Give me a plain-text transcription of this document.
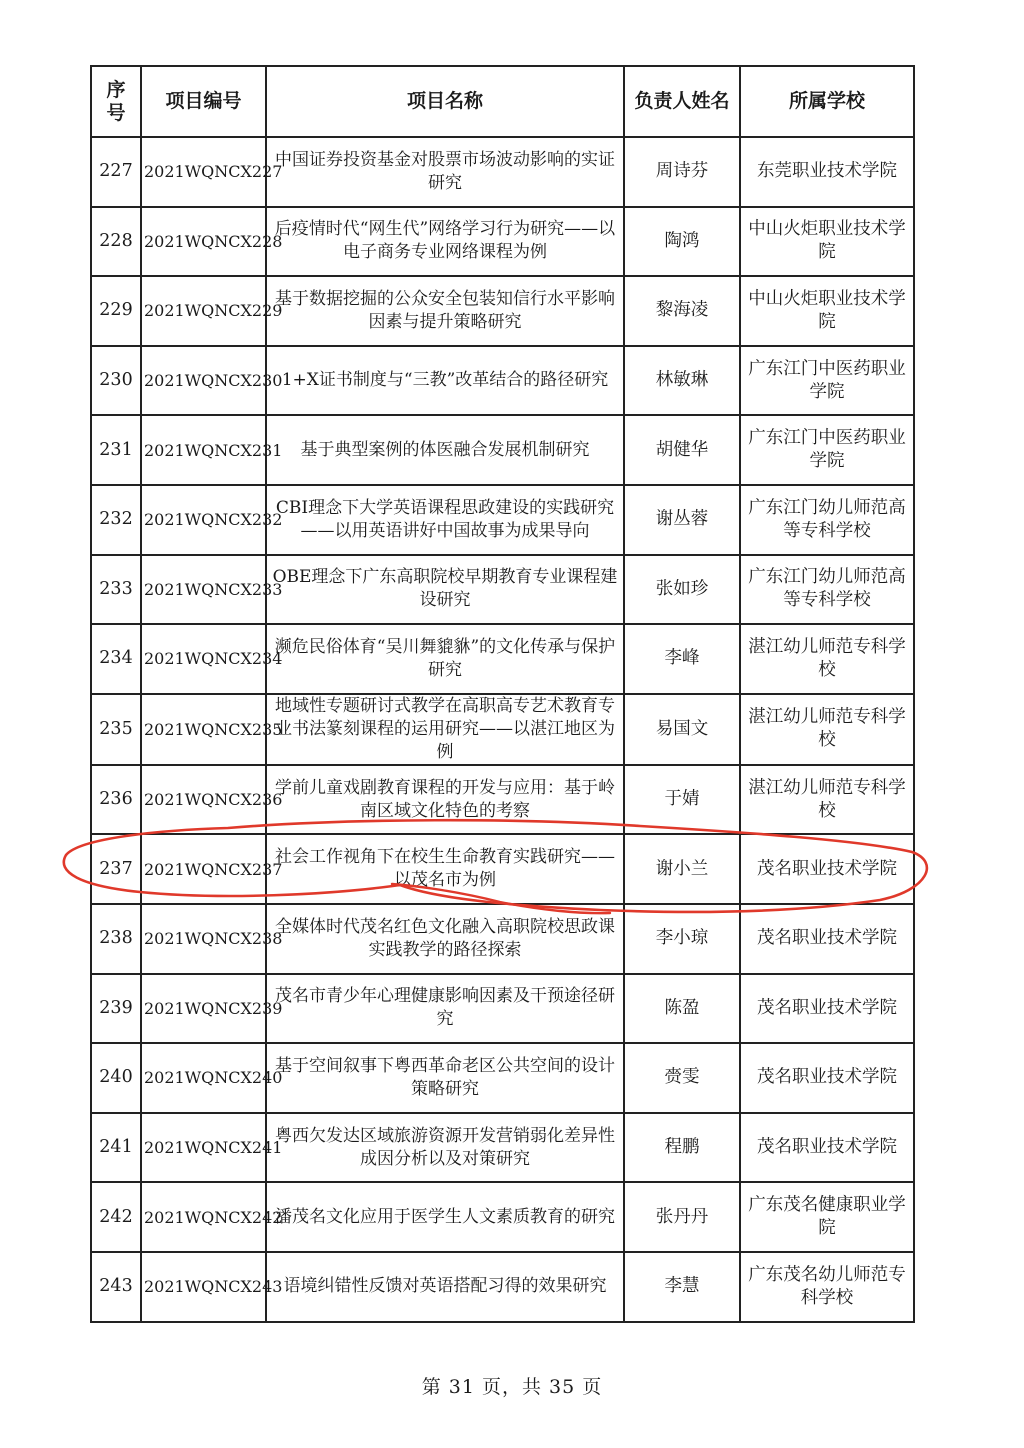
序号	项目编号	项目名称	负责人姓名	所属学校
227	2021WQNCX227	中国证券投资基金对股票市场波动影响的实证研究	周诗芬	东莞职业技术学院
228	2021WQNCX228	后疫情时代“网生代”网络学习行为研究——以电子商务专业网络课程为例	陶鸿	中山火炬职业技术学院
229	2021WQNCX229	基于数据挖掘的公众安全包装知信行水平影响因素与提升策略研究	黎海凌	中山火炬职业技术学院
230	2021WQNCX230	1+X证书制度与“三教”改革结合的路径研究	林敏琳	广东江门中医药职业学院
231	2021WQNCX231	基于典型案例的体医融合发展机制研究	胡健华	广东江门中医药职业学院
232	2021WQNCX232	CBI理念下大学英语课程思政建设的实践研究——以用英语讲好中国故事为成果导向	谢丛蓉	广东江门幼儿师范高等专科学校
233	2021WQNCX233	OBE理念下广东高职院校早期教育专业课程建设研究	张如珍	广东江门幼儿师范高等专科学校
234	2021WQNCX234	濒危民俗体育“吴川舞貔貅”的文化传承与保护研究	李峰	湛江幼儿师范专科学校
235	2021WQNCX235	地域性专题研讨式教学在高职高专艺术教育专业书法篆刻课程的运用研究——以湛江地区为例	易国文	湛江幼儿师范专科学校
236	2021WQNCX236	学前儿童戏剧教育课程的开发与应用：基于岭南区域文化特色的考察	于婧	湛江幼儿师范专科学校
237	2021WQNCX237	社会工作视角下在校生生命教育实践研究——以茂名市为例	谢小兰	茂名职业技术学院
238	2021WQNCX238	全媒体时代茂名红色文化融入高职院校思政课实践教学的路径探索	李小琼	茂名职业技术学院
239	2021WQNCX239	茂名市青少年心理健康影响因素及干预途径研究	陈盈	茂名职业技术学院
240	2021WQNCX240	基于空间叙事下粤西革命老区公共空间的设计策略研究	赍雯	茂名职业技术学院
241	2021WQNCX241	粤西欠发达区域旅游资源开发营销弱化差异性成因分析以及对策研究	程鹏	茂名职业技术学院
242	2021WQNCX242	潘茂名文化应用于医学生人文素质教育的研究	张丹丹	广东茂名健康职业学院
243	2021WQNCX243	语境纠错性反馈对英语搭配习得的效果研究	李慧	广东茂名幼儿师范专科学校
第 31 页，共 35 页
